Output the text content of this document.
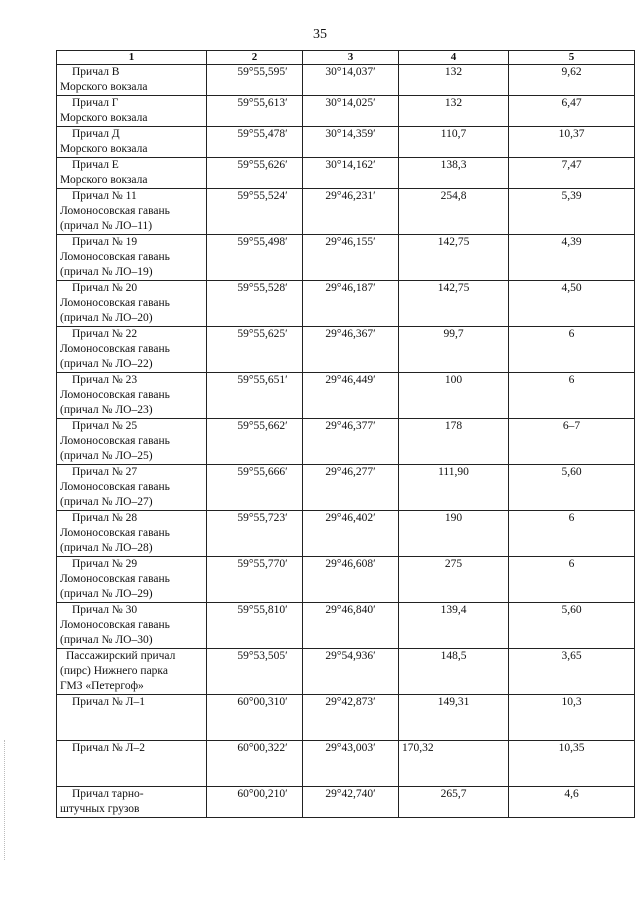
35
1	2	3	4	5

Причал В
Морского вокзала	59°55,595′	30°14,037′	132	9,62

Причал Г
Морского вокзала	59°55,613′	30°14,025′	132	6,47

Причал Д
Морского вокзала	59°55,478′	30°14,359′	110,7	10,37

Причал Е
Морского вокзала	59°55,626′	30°14,162′	138,3	7,47

Причал № 11
Ломоносовская гавань
(причал № ЛО–11)	59°55,524′	29°46,231′	254,8	5,39

Причал № 19
Ломоносовская гавань
(причал № ЛО–19)	59°55,498′	29°46,155′	142,75	4,39

Причал № 20
Ломоносовская гавань
(причал № ЛО–20)	59°55,528′	29°46,187′	142,75	4,50

Причал № 22
Ломоносовская гавань
(причал № ЛО–22)	59°55,625′	29°46,367′	99,7	6

Причал № 23
Ломоносовская гавань
(причал № ЛО–23)	59°55,651′	29°46,449′	100	6

Причал № 25
Ломоносовская гавань
(причал № ЛО–25)	59°55,662′	29°46,377′	178	6–7

Причал № 27
Ломоносовская гавань
(причал № ЛО–27)	59°55,666′	29°46,277′	111,90	5,60

Причал № 28
Ломоносовская гавань
(причал № ЛО–28)	59°55,723′	29°46,402′	190	6

Причал № 29
Ломоносовская гавань
(причал № ЛО–29)	59°55,770′	29°46,608′	275	6

Причал № 30
Ломоносовская гавань
(причал № ЛО–30)	59°55,810′	29°46,840′	139,4	5,60

Пассажирский причал
(пирс) Нижнего парка
ГМЗ «Петергоф»	59°53,505′	29°54,936′	148,5	3,65

Причал № Л–1	60°00,310′	29°42,873′	149,31	10,3

Причал № Л–2	60°00,322′	29°43,003′	170,32	10,35

Причал тарно-
штучных грузов	60°00,210′	29°42,740′	265,7	4,6
